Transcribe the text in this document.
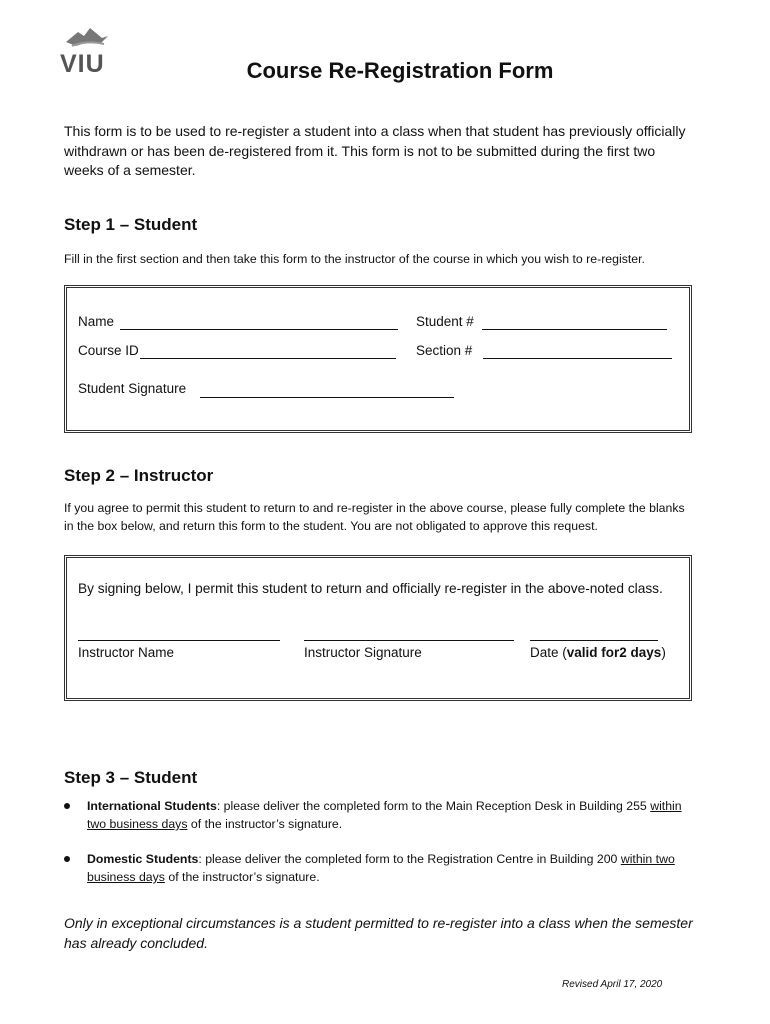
VIU	Course Re-Registration Form
This form is to be used to re-register a student into a class when that student has previously officially withdrawn or has been de-registered from it. This form is not to be submitted during the first two weeks of a semester.
Step 1 – Student
Fill in the first section and then take this form to the instructor of the course in which you wish to re-register.
Name	Student #
Course ID	Section #
Student Signature
Step 2 – Instructor
If you agree to permit this student to return to and re-register in the above course, please fully complete the blanks in the box below, and return this form to the student. You are not obligated to approve this request.
By signing below, I permit this student to return and officially re-register in the above-noted class.
Instructor Name	Instructor Signature	Date (valid for2 days)
Step 3 – Student
International Students: please deliver the completed form to the Main Reception Desk in Building 255 within two business days of the instructor’s signature.
Domestic Students: please deliver the completed form to the Registration Centre in Building 200 within two business days of the instructor’s signature.
Only in exceptional circumstances is a student permitted to re-register into a class when the semester has already concluded.
Revised April 17, 2020
